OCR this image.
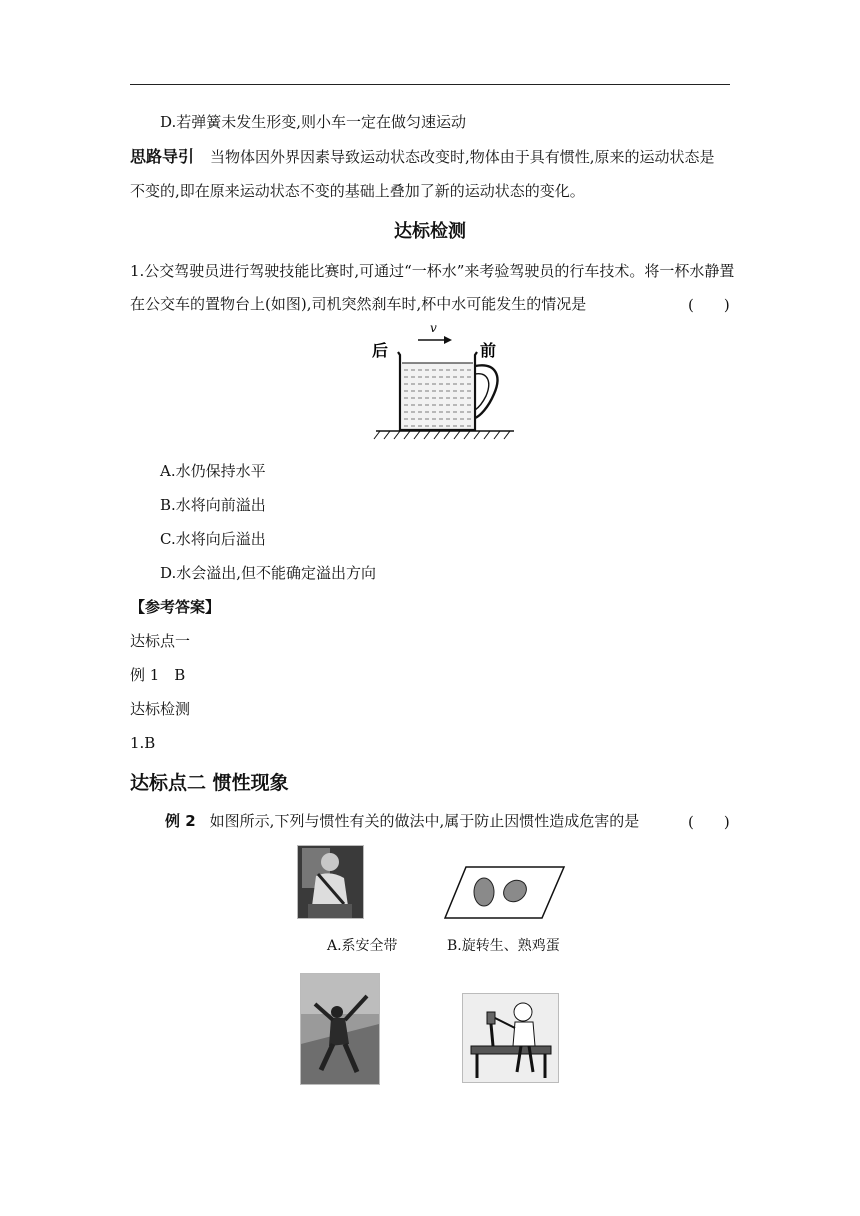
D.若弹簧未发生形变,则小车一定在做匀速运动
思路导引 当物体因外界因素导致运动状态改变时,物体由于具有惯性,原来的运动状态是
不变的,即在原来运动状态不变的基础上叠加了新的运动状态的变化。
达标检测
1.公交驾驶员进行驾驶技能比赛时,可通过“一杯水”来考验驾驶员的行车技术。将一杯水静置
在公交车的置物台上(如图),司机突然刹车时,杯中水可能发生的情况是	(　　)
v
后	前
A.水仍保持水平
B.水将向前溢出
C.水将向后溢出
D.水会溢出,但不能确定溢出方向
【参考答案】
达标点一
例 1　B
达标检测
1.B
达标点二 惯性现象
例 2 如图所示,下列与惯性有关的做法中,属于防止因惯性造成危害的是	(　　)
A.系安全带	B.旋转生、熟鸡蛋
